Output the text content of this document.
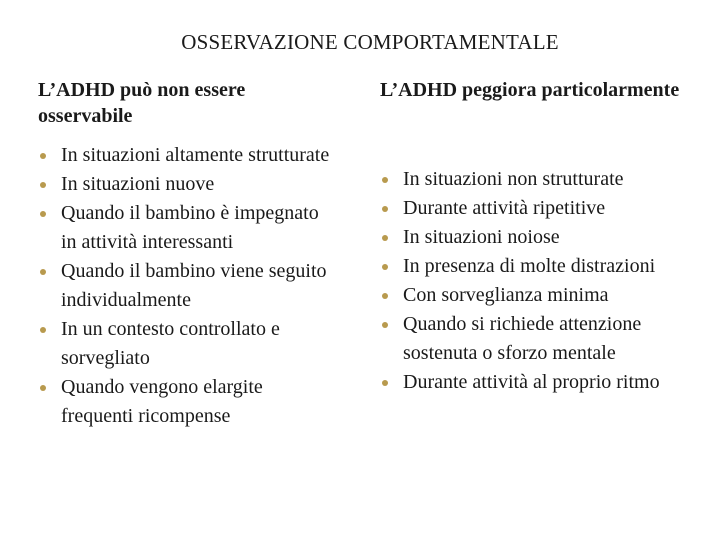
OSSERVAZIONE COMPORTAMENTALE
L’ADHD può non essere osservabile
In situazioni altamente strutturate
In situazioni nuove
Quando il bambino è impegnato in attività interessanti
Quando il bambino viene seguito individualmente
In un contesto controllato e sorvegliato
Quando vengono elargite frequenti ricompense
L’ADHD peggiora particolarmente
In situazioni non strutturate
Durante attività ripetitive
In situazioni noiose
In presenza di molte distrazioni
Con sorveglianza minima
Quando si richiede attenzione sostenuta o sforzo mentale
Durante attività al proprio ritmo
